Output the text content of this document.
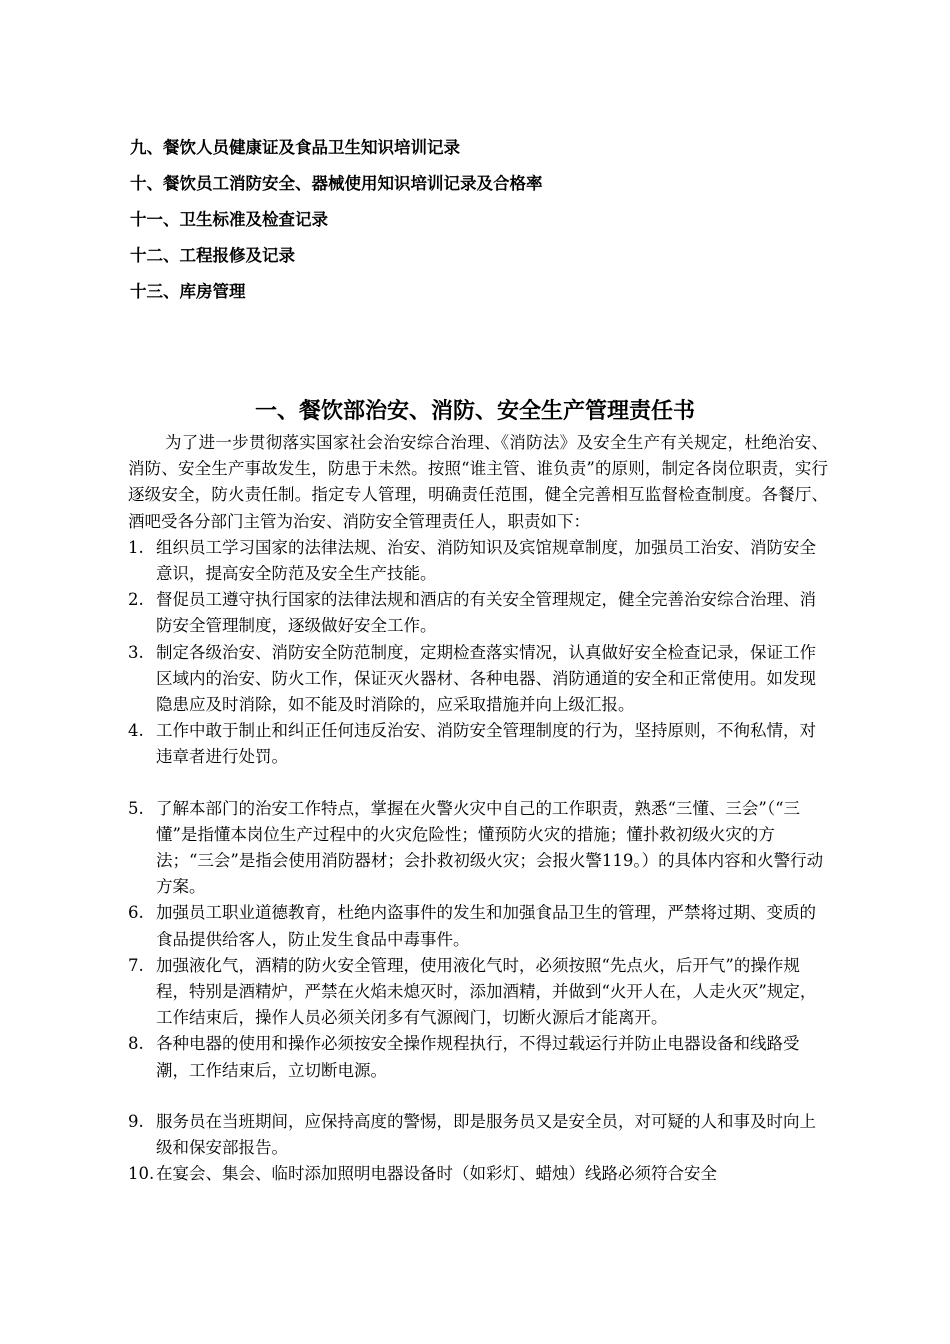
九、餐饮人员健康证及食品卫生知识培训记录
十、餐饮员工消防安全、器械使用知识培训记录及合格率
十一、卫生标准及检查记录
十二、工程报修及记录
十三、库房管理
一、餐饮部治安、消防、安全生产管理责任书

为了进一步贯彻落实国家社会治安综合治理、《消防法》及安全生产有关规定，杜绝治安、消防、安全生产事故发生，防患于未然。按照“谁主管、谁负责”的原则，制定各岗位职责，实行逐级安全，防火责任制。指定专人管理，明确责任范围，健全完善相互监督检查制度。各餐厅、酒吧受各分部门主管为治安、消防安全管理责任人，职责如下：

1. 组织员工学习国家的法律法规、治安、消防知识及宾馆规章制度，加强员工治安、消防安全意识，提高安全防范及安全生产技能。
2. 督促员工遵守执行国家的法律法规和酒店的有关安全管理规定，健全完善治安综合治理、消防安全管理制度，逐级做好安全工作。
3. 制定各级治安、消防安全防范制度，定期检查落实情况，认真做好安全检查记录，保证工作区域内的治安、防火工作，保证灭火器材、各种电器、消防通道的安全和正常使用。如发现隐患应及时消除，如不能及时消除的，应采取措施并向上级汇报。
4. 工作中敢于制止和纠正任何违反治安、消防安全管理制度的行为，坚持原则，不徇私情，对违章者进行处罚。
5. 了解本部门的治安工作特点，掌握在火警火灾中自己的工作职责，熟悉“三懂、三会”（“三懂”是指懂本岗位生产过程中的火灾危险性；懂预防火灾的措施；懂扑救初级火灾的方法；“三会”是指会使用消防器材；会扑救初级火灾；会报火警119。）的具体内容和火警行动方案。
6. 加强员工职业道德教育，杜绝内盗事件的发生和加强食品卫生的管理，严禁将过期、变质的食品提供给客人，防止发生食品中毒事件。
7. 加强液化气，酒精的防火安全管理，使用液化气时，必须按照“先点火，后开气”的操作规程，特别是酒精炉，严禁在火焰未熄灭时，添加酒精，并做到“火开人在，人走火灭”规定，工作结束后，操作人员必须关闭多有气源阀门，切断火源后才能离开。
8. 各种电器的使用和操作必须按安全操作规程执行，不得过载运行并防止电器设备和线路受潮，工作结束后，立切断电源。
9. 服务员在当班期间，应保持高度的警惕，即是服务员又是安全员，对可疑的人和事及时向上级和保安部报告。
10. 在宴会、集会、临时添加照明电器设备时（如彩灯、蜡烛）线路必须符合安全
